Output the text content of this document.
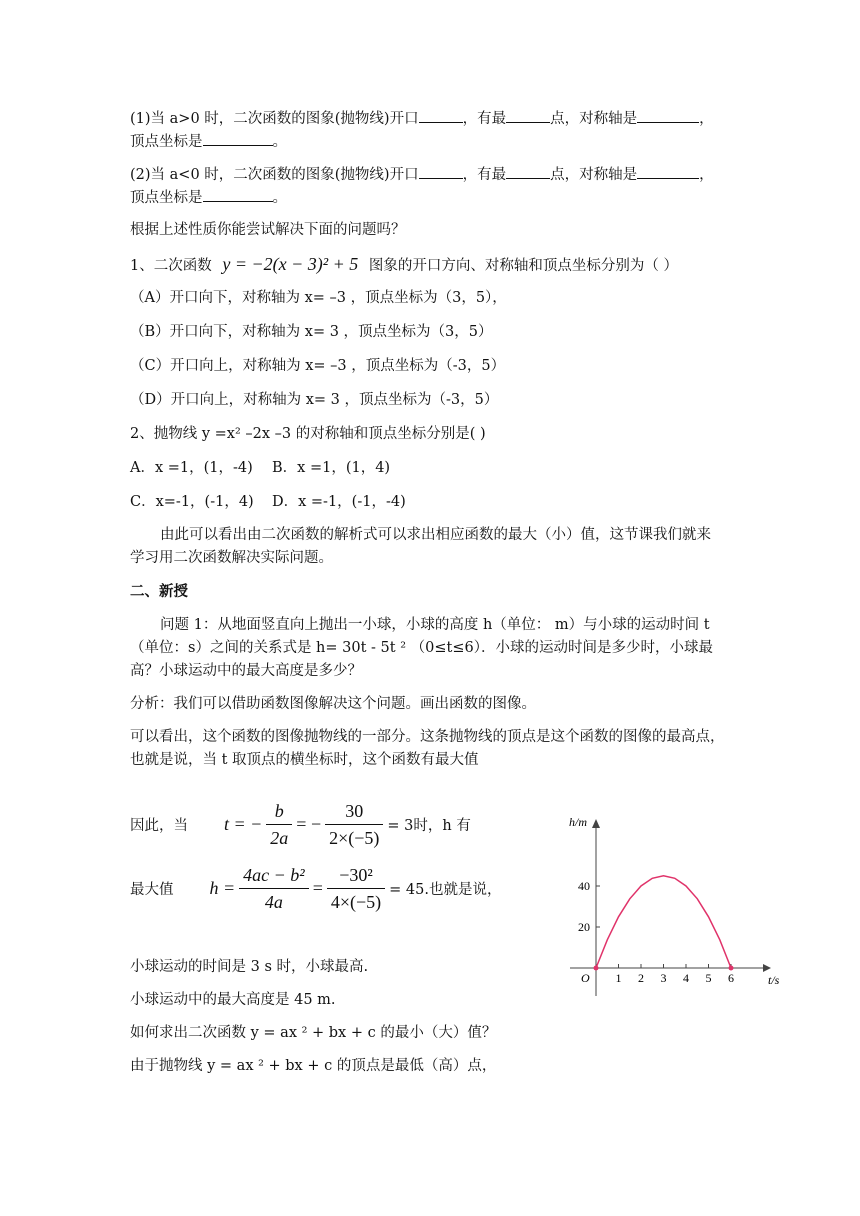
(1)当 a>0 时，二次函数的图象(抛物线)开口	，有最	点，对称轴是	，
顶点坐标是	。
(2)当 a<0 时，二次函数的图象(抛物线)开口	，有最	点，对称轴是	，
顶点坐标是	。
根据上述性质你能尝试解决下面的问题吗？
1、二次函数 y = −2(x − 3)² + 5 图象的开口方向、对称轴和顶点坐标分别为（ ）
（A）开口向下，对称轴为 x= –3 ，顶点坐标为（3，5），
（B）开口向下，对称轴为 x= 3 ，顶点坐标为（3，5）
（C）开口向上，对称轴为 x= –3 ，顶点坐标为（-3，5）
（D）开口向上，对称轴为 x= 3 ，顶点坐标为（-3，5）
2、抛物线 y =x² –2x –3 的对称轴和顶点坐标分别是( )
A．x =1，(1，-4) B．x =1，(1，4)
C．x=-1，(-1，4) D．x =-1，(-1，-4)
由此可以看出由二次函数的解析式可以求出相应函数的最大（小）值，这节课我们就来
学习用二次函数解决实际问题。
二、新授
问题 1：从地面竖直向上抛出一小球，小球的高度 h（单位： m）与小球的运动时间 t
（单位：s）之间的关系式是 h= 30t - 5t ² （0≤t≤6）．小球的运动时间是多少时，小球最
高？小球运动中的最大高度是多少？
分析：我们可以借助函数图像解决这个问题。画出函数的图像。
可以看出，这个函数的图像抛物线的一部分。这条抛物线的顶点是这个函数的图像的最高点，
也就是说，当 t 取顶点的横坐标时，这个函数有最大值
因此，当 t = − $\frac{b}{2a}$ = − $\frac{30}{2\times(-5)} = 3$时，h 有
最大值 $h = \frac{\text{4ac − b²}}{4a} = \frac{\text{−30²}}{4\times(-5)} = 45$.也就是说，
小球运动的时间是 3 s 时，小球最高.
小球运动中的最大高度是 45 m.
如何求出二次函数 y = ax ² + bx + c 的最小（大）值？
由于抛物线 y = ax ² + bx + c 的顶点是最低（高）点，
h/m
t/s
O 1 2 3 4 5 6
20
40
